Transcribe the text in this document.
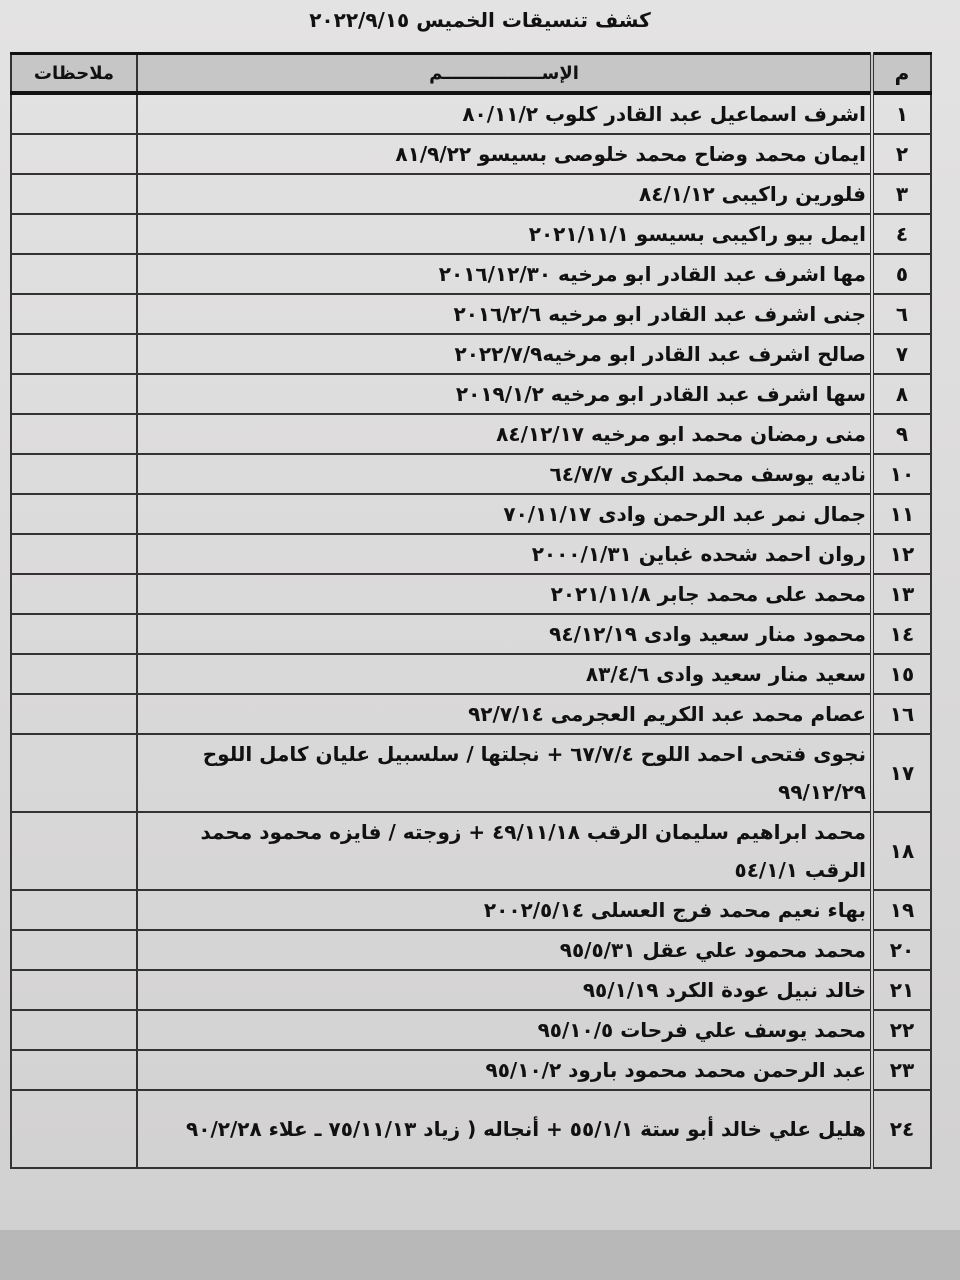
كشف تنسيقات الخميس ٢٠٢٢/٩/١٥
م	الإســــــــــــــــم	ملاحظات
١	اشرف اسماعيل عبد القادر كلوب ٨٠/١١/٢	
٢	ايمان محمد وضاح محمد خلوصى بسيسو ٨١/٩/٢٢	
٣	فلورين راكيبى ٨٤/١/١٢	
٤	ايمل بيو راكيبى بسيسو ٢٠٢١/١١/١	
٥	مها اشرف عبد القادر ابو مرخيه ٢٠١٦/١٢/٣٠	
٦	جنى اشرف عبد القادر ابو مرخيه ٢٠١٦/٢/٦	
٧	صالح اشرف عبد القادر ابو مرخيه٢٠٢٢/٧/٩	
٨	سها اشرف عبد القادر ابو مرخيه ٢٠١٩/١/٢	
٩	منى رمضان محمد ابو مرخيه ٨٤/١٢/١٧	
١٠	ناديه يوسف محمد البكرى ٦٤/٧/٧	
١١	جمال نمر عبد الرحمن وادى ٧٠/١١/١٧	
١٢	روان احمد شحده غباين ٢٠٠٠/١/٣١	
١٣	محمد على محمد جابر ٢٠٢١/١١/٨	
١٤	محمود منار سعيد وادى ٩٤/١٢/١٩	
١٥	سعيد منار سعيد وادى ٨٣/٤/٦	
١٦	عصام محمد عبد الكريم العجرمى ٩٢/٧/١٤	
١٧	نجوى فتحى احمد اللوح ٦٧/٧/٤ + نجلتها / سلسبيل عليان كامل اللوح ٩٩/١٢/٢٩	
١٨	محمد ابراهيم سليمان الرقب ٤٩/١١/١٨ + زوجته / فايزه محمود محمد الرقب ٥٤/١/١	
١٩	بهاء نعيم محمد فرج العسلى ٢٠٠٢/٥/١٤	
٢٠	محمد محمود علي عقل ٩٥/٥/٣١	
٢١	خالد نبيل عودة الكرد ٩٥/١/١٩	
٢٢	محمد يوسف علي فرحات ٩٥/١٠/٥	
٢٣	عبد الرحمن محمد محمود بارود ٩٥/١٠/٢	
٢٤	هليل علي خالد أبو ستة ٥٥/١/١ + أنجاله ( زياد ٧٥/١١/١٣ ـ علاء ٩٠/٢/٢٨	
